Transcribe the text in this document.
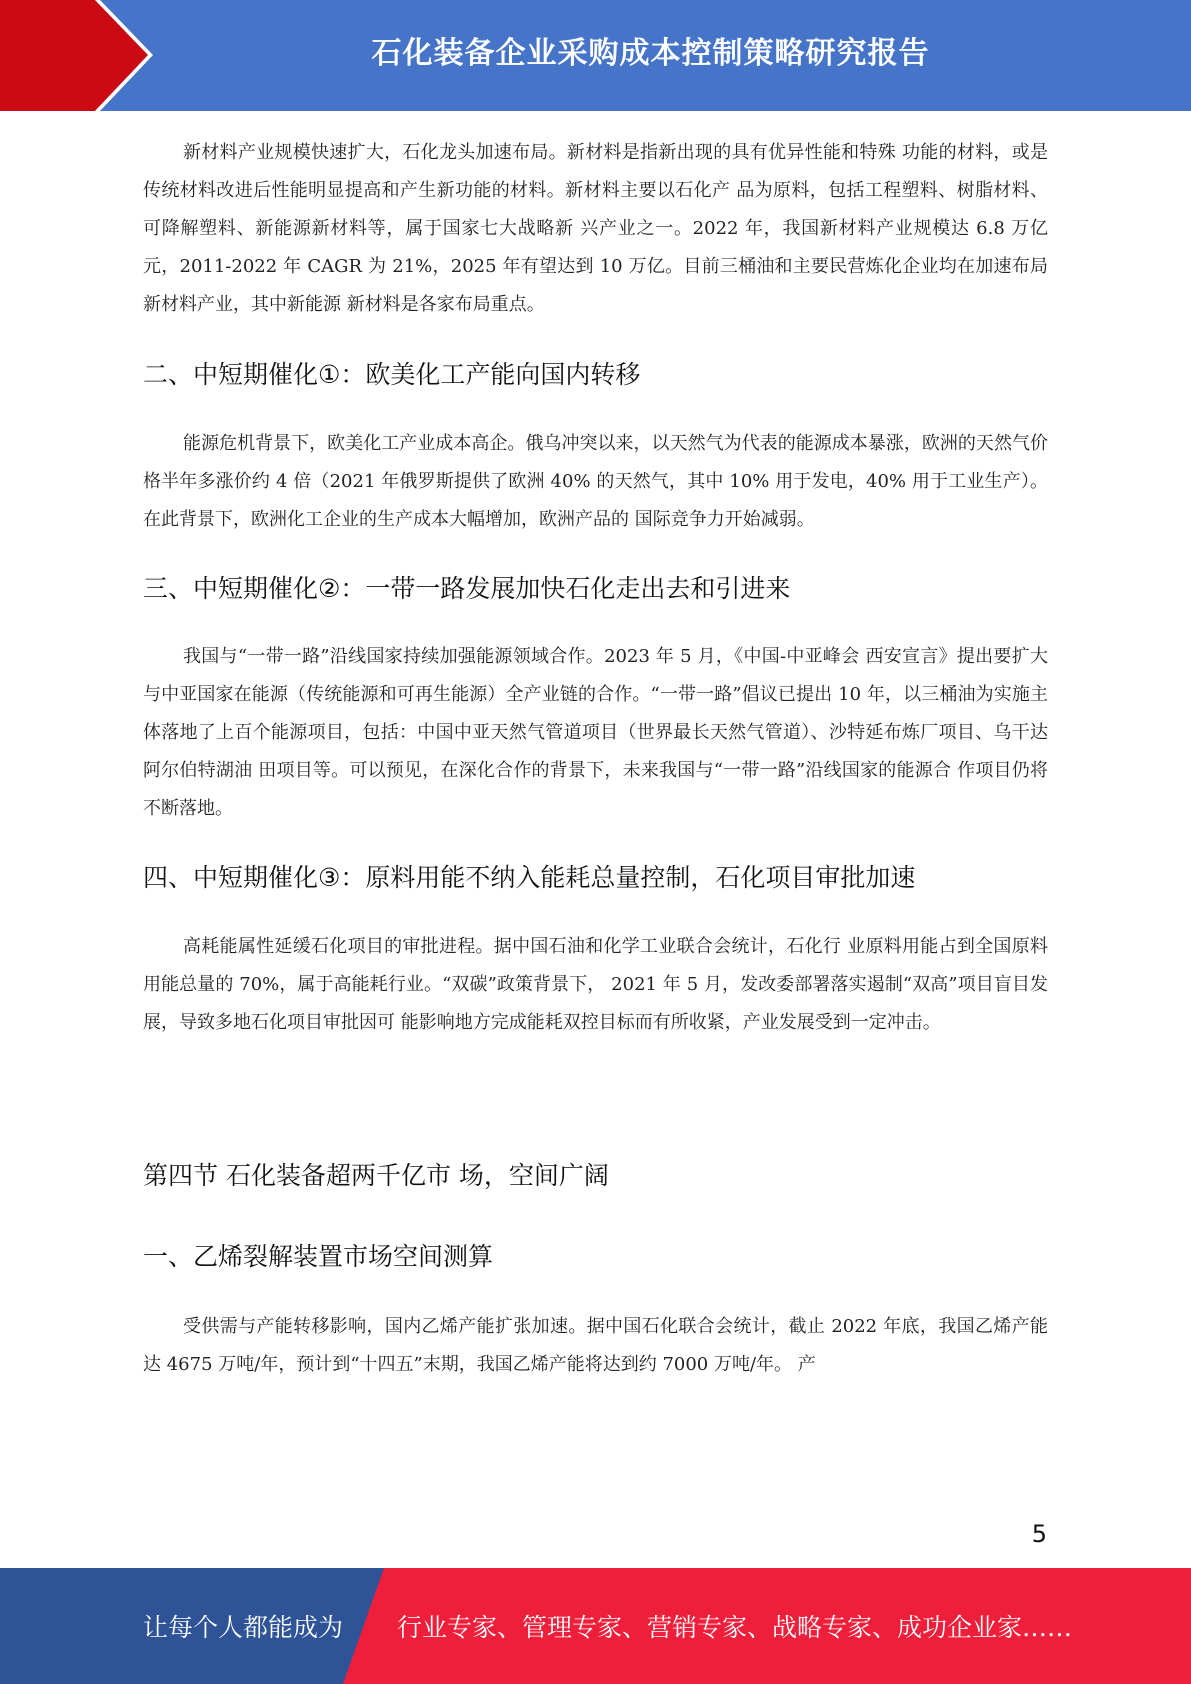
石化装备企业采购成本控制策略研究报告

新材料产业规模快速扩大，石化龙头加速布局。新材料是指新出现的具有优异性能和特殊 功能的材料，或是传统材料改进后性能明显提高和产生新功能的材料。新材料主要以石化产 品为原料，包括工程塑料、树脂材料、可降解塑料、新能源新材料等，属于国家七大战略新 兴产业之一。2022 年，我国新材料产业规模达 6.8 万亿元，2011-2022 年 CAGR 为 21%，2025 年有望达到 10 万亿。目前三桶油和主要民营炼化企业均在加速布局新材料产业，其中新能源 新材料是各家布局重点。

二、中短期催化①：欧美化工产能向国内转移

能源危机背景下，欧美化工产业成本高企。俄乌冲突以来，以天然气为代表的能源成本暴涨，欧洲的天然气价格半年多涨价约 4 倍（2021 年俄罗斯提供了欧洲 40% 的天然气，其中 10% 用于发电，40% 用于工业生产）。在此背景下，欧洲化工企业的生产成本大幅增加，欧洲产品的 国际竞争力开始减弱。

三、中短期催化②：一带一路发展加快石化走出去和引进来

我国与“一带一路”沿线国家持续加强能源领域合作。2023 年 5 月，《中国-中亚峰会 西安宣言》提出要扩大与中亚国家在能源（传统能源和可再生能源）全产业链的合作。“一带一路”倡议已提出 10 年，以三桶油为实施主体落地了上百个能源项目，包括：中国中亚天然气管道项目（世界最长天然气管道）、沙特延布炼厂项目、乌干达阿尔伯特湖油 田项目等。可以预见，在深化合作的背景下，未来我国与“一带一路”沿线国家的能源合 作项目仍将不断落地。

四、中短期催化③：原料用能不纳入能耗总量控制，石化项目审批加速

高耗能属性延缓石化项目的审批进程。据中国石油和化学工业联合会统计，石化行 业原料用能占到全国原料用能总量的 70%，属于高能耗行业。“双碳”政策背景下， 2021 年 5 月，发改委部署落实遏制“双高”项目盲目发展，导致多地石化项目审批因可 能影响地方完成能耗双控目标而有所收紧，产业发展受到一定冲击。

第四节 石化装备超两千亿市 场，空间广阔
一、乙烯裂解装置市场空间测算

受供需与产能转移影响，国内乙烯产能扩张加速。据中国石化联合会统计，截止 2022 年底，我国乙烯产能达 4675 万吨/年，预计到“十四五”末期，我国乙烯产能将达到约 7000 万吨/年。 产

5
让每个人都能成为 行业专家、管理专家、营销专家、战略专家、成功企业家……
